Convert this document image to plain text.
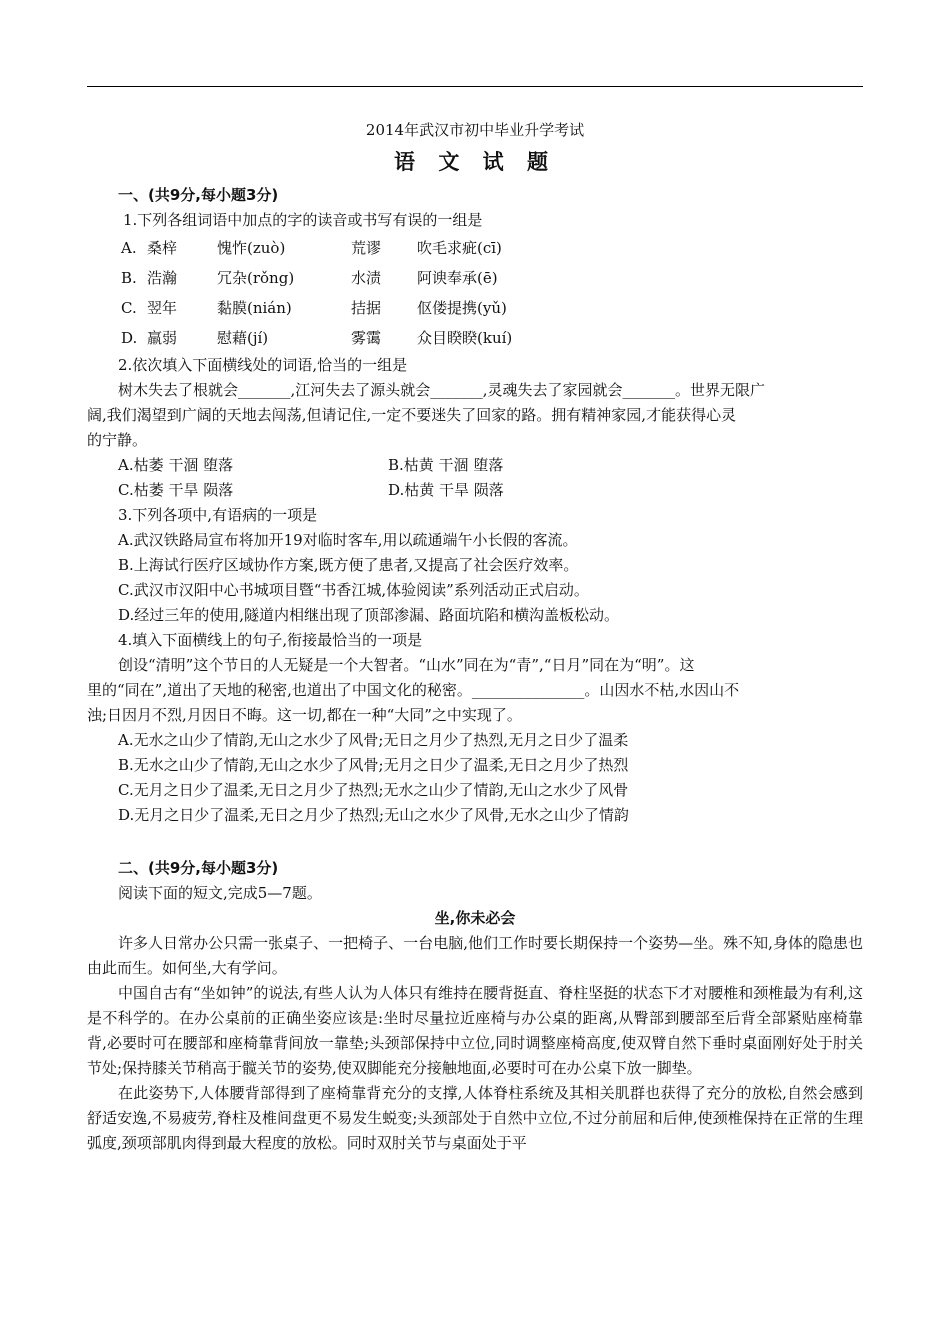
2014年武汉市初中毕业升学考试
语 文 试 题
一、(共9分,每小题3分)
1.下列各组词语中加点的字的读音或书写有误的一组是
A. 桑梓	愧怍(zuò)	荒谬	吹毛求疵(cī)
B. 浩瀚	冗杂(rǒng)	水渍	阿谀奉承(ē)
C. 翌年	黏膜(nián)	拮据	伛偻提携(yǔ)
D. 羸弱	慰藉(jí)	雾霭	众目睽睽(kuí)
2.依次填入下面横线处的词语,恰当的一组是
树木失去了根就会_______,江河失去了源头就会_______,灵魂失去了家园就会_______。世界无限广
阔,我们渴望到广阔的天地去闯荡,但请记住,一定不要迷失了回家的路。拥有精神家园,才能获得心灵
的宁静。
A.枯萎 干涸 堕落	B.枯黄 干涸 堕落
C.枯萎 干旱 陨落	D.枯黄 干旱 陨落
3.下列各项中,有语病的一项是
A.武汉铁路局宣布将加开19对临时客车,用以疏通端午小长假的客流。
B.上海试行医疗区域协作方案,既方便了患者,又提高了社会医疗效率。
C.武汉市汉阳中心书城项目暨“书香江城,体验阅读”系列活动正式启动。
D.经过三年的使用,隧道内相继出现了顶部渗漏、路面坑陷和横沟盖板松动。
4.填入下面横线上的句子,衔接最恰当的一项是
创设“清明”这个节日的人无疑是一个大智者。“山水”同在为“青”,“日月”同在为“明”。这
里的“同在”,道出了天地的秘密,也道出了中国文化的秘密。_______________。山因水不枯,水因山不
浊;日因月不烈,月因日不晦。这一切,都在一种“大同”之中实现了。
A.无水之山少了情韵,无山之水少了风骨;无日之月少了热烈,无月之日少了温柔
B.无水之山少了情韵,无山之水少了风骨;无月之日少了温柔,无日之月少了热烈
C.无月之日少了温柔,无日之月少了热烈;无水之山少了情韵,无山之水少了风骨
D.无月之日少了温柔,无日之月少了热烈;无山之水少了风骨,无水之山少了情韵
二、(共9分,每小题3分)
阅读下面的短文,完成5—7题。
坐,你未必会
许多人日常办公只需一张桌子、一把椅子、一台电脑,他们工作时要长期保持一个姿势—坐。殊不知,身体的隐患也由此而生。如何坐,大有学问。
中国自古有“坐如钟”的说法,有些人认为人体只有维持在腰背挺直、脊柱坚挺的状态下才对腰椎和颈椎最为有利,这是不科学的。在办公桌前的正确坐姿应该是:坐时尽量拉近座椅与办公桌的距离,从臀部到腰部至后背全部紧贴座椅靠背,必要时可在腰部和座椅靠背间放一靠垫;头颈部保持中立位,同时调整座椅高度,使双臂自然下垂时桌面刚好处于肘关节处;保持膝关节稍高于髋关节的姿势,使双脚能充分接触地面,必要时可在办公桌下放一脚垫。
在此姿势下,人体腰背部得到了座椅靠背充分的支撑,人体脊柱系统及其相关肌群也获得了充分的放松,自然会感到舒适安逸,不易疲劳,脊柱及椎间盘更不易发生蜕变;头颈部处于自然中立位,不过分前屈和后伸,使颈椎保持在正常的生理弧度,颈项部肌肉得到最大程度的放松。同时双肘关节与桌面处于平
